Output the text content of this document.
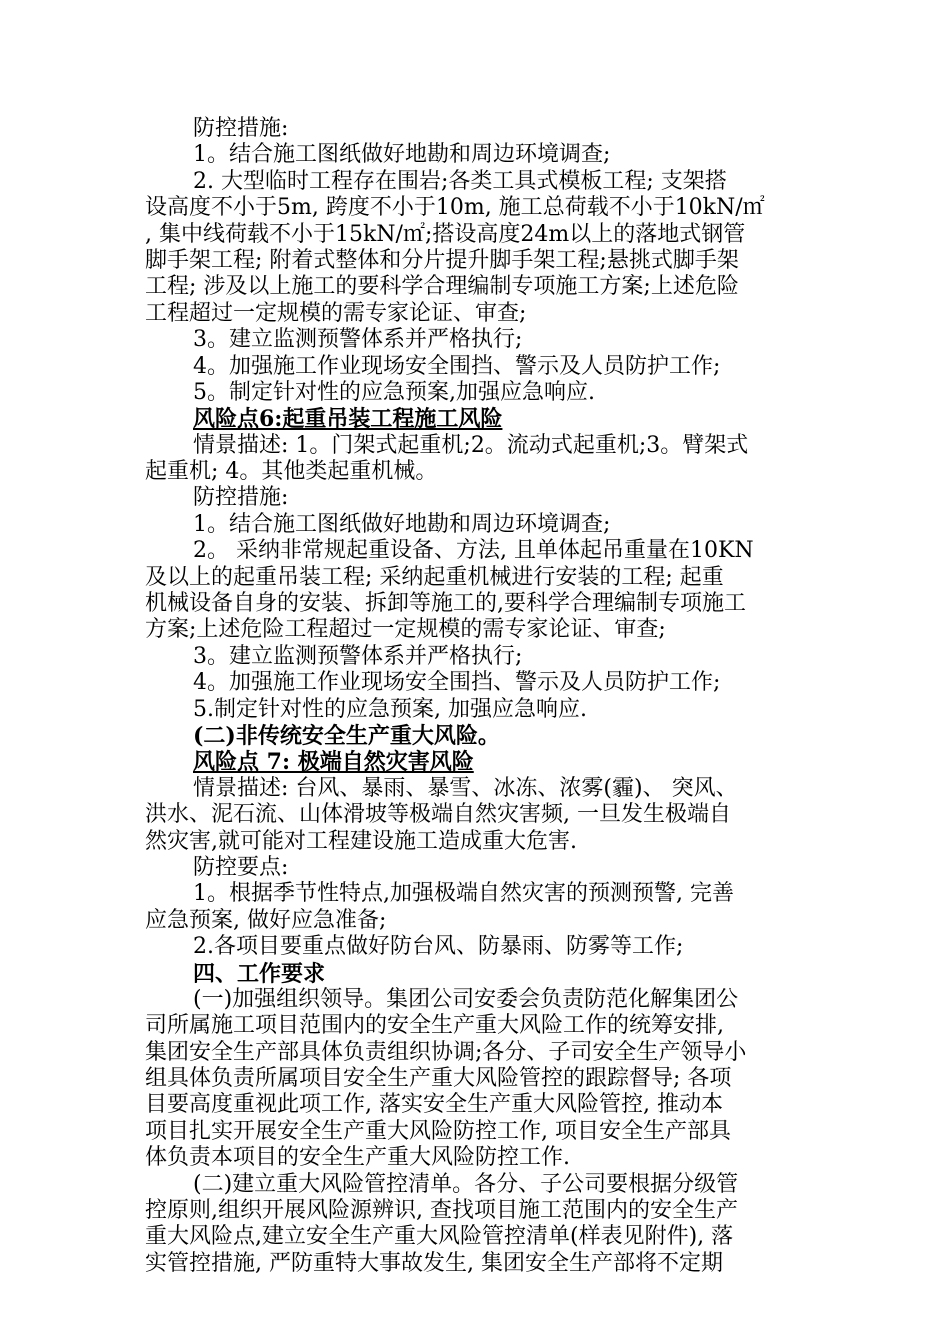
防控措施:
1。结合施工图纸做好地勘和周边环境调查;
2. 大型临时工程存在围岩;各类工具式模板工程; 支架搭
设高度不小于5m, 跨度不小于10m, 施工总荷载不小于10kN/㎡
, 集中线荷载不小于15kN/㎡;搭设高度24m以上的落地式钢管
脚手架工程; 附着式整体和分片提升脚手架工程;悬挑式脚手架
工程; 涉及以上施工的要科学合理编制专项施工方案;上述危险
工程超过一定规模的需专家论证、审查;
3。建立监测预警体系并严格执行;
4。加强施工作业现场安全围挡、警示及人员防护工作;
5。制定针对性的应急预案,加强应急响应.
风险点6:起重吊装工程施工风险
情景描述: 1。门架式起重机;2。流动式起重机;3。臂架式
起重机; 4。其他类起重机械。
防控措施:
1。结合施工图纸做好地勘和周边环境调查;
2。 采纳非常规起重设备、方法, 且单体起吊重量在10KN
及以上的起重吊装工程; 采纳起重机械进行安装的工程; 起重
机械设备自身的安装、拆卸等施工的,要科学合理编制专项施工
方案;上述危险工程超过一定规模的需专家论证、审查;
3。建立监测预警体系并严格执行;
4。加强施工作业现场安全围挡、警示及人员防护工作;
5.制定针对性的应急预案, 加强应急响应.
(二)非传统安全生产重大风险。
风险点 7: 极端自然灾害风险
情景描述: 台风、暴雨、暴雪、冰冻、浓雾(霾)、 突风、
洪水、泥石流、山体滑坡等极端自然灾害频, 一旦发生极端自
然灾害,就可能对工程建设施工造成重大危害.
防控要点:
1。根据季节性特点,加强极端自然灾害的预测预警, 完善
应急预案, 做好应急准备;
2.各项目要重点做好防台风、防暴雨、防雾等工作;
四、工作要求
(一)加强组织领导。集团公司安委会负责防范化解集团公
司所属施工项目范围内的安全生产重大风险工作的统筹安排,
集团安全生产部具体负责组织协调;各分、子司安全生产领导小
组具体负责所属项目安全生产重大风险管控的跟踪督导; 各项
目要高度重视此项工作, 落实安全生产重大风险管控, 推动本
项目扎实开展安全生产重大风险防控工作, 项目安全生产部具
体负责本项目的安全生产重大风险防控工作.
(二)建立重大风险管控清单。各分、子公司要根据分级管
控原则,组织开展风险源辨识, 查找项目施工范围内的安全生产
重大风险点,建立安全生产重大风险管控清单(样表见附件), 落
实管控措施, 严防重特大事故发生, 集团安全生产部将不定期
